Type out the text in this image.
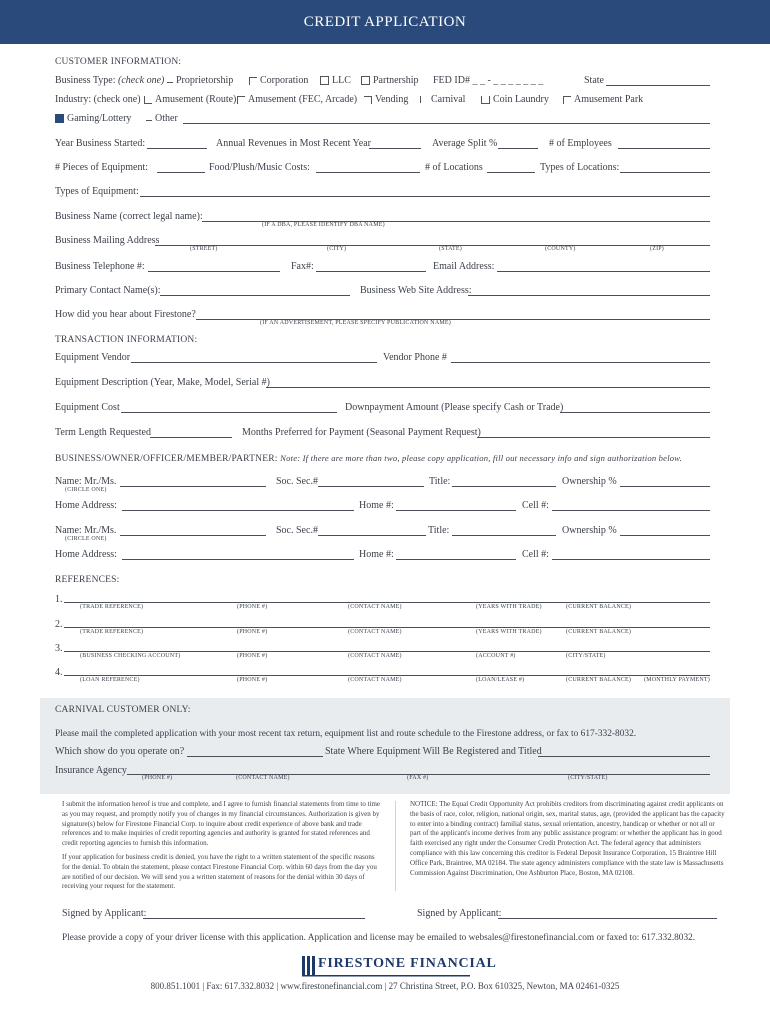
CREDIT APPLICATION
CUSTOMER INFORMATION:
Business Type: (check one)	Proprietorship	Corporation	LLC	Partnership FED ID# _ _ - _ _ _ _ _ _ _	State
Industry: (check one)	Amusement (Route)	Amusement (FEC, Arcade)	Vending	Carnival	Coin Laundry	Amusement Park
Gaming/Lottery	Other
Year Business Started:	Annual Revenues in Most Recent Year	Average Split %	# of Employees
# Pieces of Equipment:	Food/Plush/Music Costs:	# of Locations	Types of Locations:
Types of Equipment:
Business Name (correct legal name):
(IF A DBA, PLEASE IDENTIFY DBA NAME)
Business Mailing Address
(STREET)	(CITY)	(STATE)	(COUNTY)	(ZIP)
Business Telephone #:	Fax#:	Email Address:
Primary Contact Name(s):	Business Web Site Address:
How did you hear about Firestone?
(IF AN ADVERTISEMENT, PLEASE SPECIFY PUBLICATION NAME)
TRANSACTION INFORMATION:
Equipment Vendor	Vendor Phone #
Equipment Description (Year, Make, Model, Serial #)
Equipment Cost	Downpayment Amount (Please specify Cash or Trade)
Term Length Requested	Months Preferred for Payment (Seasonal Payment Request)
BUSINESS/OWNER/OFFICER/MEMBER/PARTNER: Note: If there are more than two, please copy application, fill out necessary info and sign authorization below.
Name: Mr./Ms.
(CIRCLE ONE)
Soc. Sec.#	Title:	Ownership %
Home Address:	Home #:	Cell #:
Name: Mr./Ms.
(CIRCLE ONE)
Soc. Sec.#	Title:	Ownership %
Home Address:	Home #:	Cell #:
REFERENCES:
1.
(TRADE REFERENCE)	(PHONE #)	(CONTACT NAME)	(YEARS WITH TRADE)	(CURRENT BALANCE)
2.
(TRADE REFERENCE)	(PHONE #)	(CONTACT NAME)	(YEARS WITH TRADE)	(CURRENT BALANCE)
3.
(BUSINESS CHECKING ACCOUNT)	(PHONE #)	(CONTACT NAME)	(ACCOUNT #)	(CITY/STATE)
4.
(LOAN REFERENCE)	(PHONE #)	(CONTACT NAME)	(LOAN/LEASE #)	(CURRENT BALANCE) (MONTHLY PAYMENT)
CARNIVAL CUSTOMER ONLY:
Please mail the completed application with your most recent tax return, equipment list and route schedule to the Firestone address, or fax to 617-332-8032.
Which show do you operate on?	State Where Equipment Will Be Registered and Titled
Insurance Agency
(PHONE #)	(CONTACT NAME)	(FAX #)	(CITY/STATE)
I submit the information hereof is true and complete, and I agree to furnish financial statements from time to time as you may request, and promptly notify you of changes in my financial circumstances. Authorization is given by signature(s) below for Firestone Financial Corp. to inquire about credit experience of above bank and trade references and to make inquiries of credit reporting agencies and authority is granted for stated references and credit reporting agencies to furnish this information.
If your application for business credit is denied, you have the right to a written statement of the specific reasons for the denial. To obtain the statement, please contact Firestone Financial Corp. within 60 days from the day you are notified of our decision. We will send you a written statement of reasons for the denial within 30 days of receiving your request for the statement.
NOTICE: The Equal Credit Opportunity Act prohibits creditors from discriminating against credit applicants on the basis of race, color, religion, national origin, sex, marital status, age, (provided the applicant has the capacity to enter into a binding contract) familial status, sexual orientation, ancestry, handicap or whether or not all or part of the applicant's income derives from any public assistance program: or whether the applicant has in good faith exercised any right under the Consumer Credit Protection Act. The federal agency that administers compliance with this law concerning this creditor is Federal Deposit Insurance Corporation, 15 Braintree Hill Office Park, Braintree, MA 02184. The state agency administers compliance with the state law is Massachusetts Commission Against Discrimination, One Ashburton Place, Boston, MA 02108.
Signed by Applicant:	Signed by Applicant:
Please provide a copy of your driver license with this application. Application and license may be emailed to websales@firestonefinancial.com or faxed to: 617.332.8032.
FIRESTONE FINANCIAL
800.851.1001 | Fax: 617.332.8032 | www.firestonefinancial.com | 27 Christina Street, P.O. Box 610325, Newton, MA 02461-0325
